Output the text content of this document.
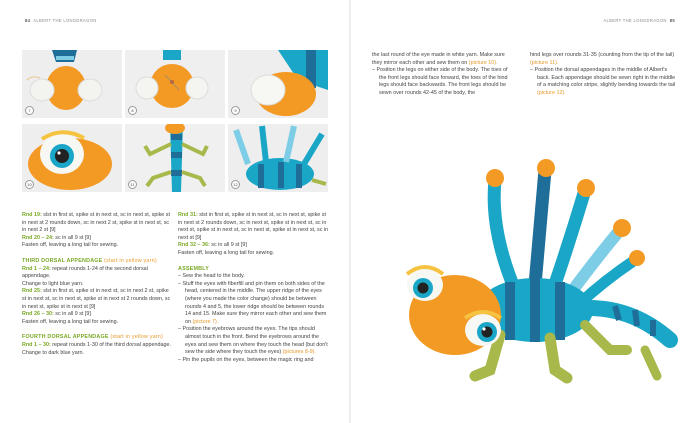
84 ALBERT THE LONGDRAGON	ALBERT THE LONGDRAGON 85
7	8	9
10	11	12

Rnd 19: slst in first st, spike st in next st, sc in next st, spike st in next st 2 rounds down, sc in next 2 st, spike st in next st, sc in next 2 st [9]

Rnd 20 – 24: sc in all 9 st [9]

Fasten off, leaving a long tail for sewing.

THIRD DORSAL APPENDAGE (start in yellow yarn)

Rnd 1 – 24: repeat rounds 1-24 of the second dorsal appendage.

Change to light blue yarn.

Rnd 25: slst in first st, spike st in next st, sc in next 2 st, spike st in next st, sc in next st, spike st in next st 2 rounds down, sc in next st, spike st in next st [9]

Rnd 26 – 30: sc in all 9 st [9]

Fasten off, leaving a long tail for sewing.

FOURTH DORSAL APPENDAGE (start in yellow yarn)

Rnd 1 – 30: repeat rounds 1-30 of the third dorsal appendage.

Change to dark blue yarn.

Rnd 31: slst in first st, spike st in next st, sc in next st, spike st in next st 2 rounds down, sc in next st, spike st in next st, sc in next st, spike st in next st, sc in next st, spike st in next st, sc in next st [9]

Rnd 32 – 36: sc in all 9 st [9]

Fasten off, leaving a long tail for sewing.

ASSEMBLY

– Sew the head to the body.

– Stuff the eyes with fiberfill and pin them on both sides of the head, centered in the middle. The upper ridge of the eyes (where you made the color change) should be between rounds 4 and 5, the lower ridge should be between rounds 14 and 15. Make sure they mirror each other and sew them on (picture 7).

– Position the eyebrows around the eyes. The tips should almost touch in the front. Bend the eyebrows around the eyes and sew them on where they touch the head (but don't sew the side where they touch the eyes) (pictures 8-9).

– Pin the pupils on the eyes, between the magic ring and

the last round of the eye made in white yarn. Make sure they mirror each other and sew them on (picture 10).

– Position the legs on either side of the body. The toes of the front legs should face forward, the toes of the hind legs should face backwards. The front legs should be sewn over rounds 42-45 of the body, the

hind legs over rounds 31-35 (counting from the tip of the tail) (picture 11).

– Position the dorsal appendages in the middle of Albert's back. Each appendage should be sewn right in the middle of a matching color stripe, slightly bending towards the tail (picture 12).
